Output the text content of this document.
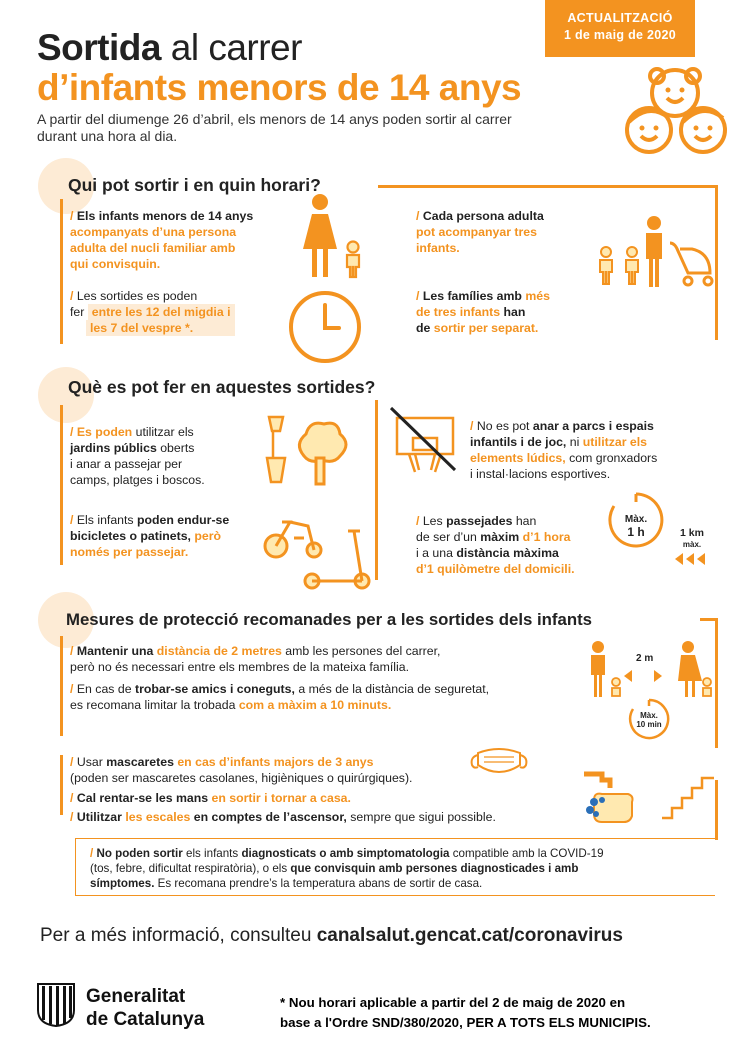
ACTUALITZACIÓ
1 de maig de 2020
Sortida al carrer
d’infants menors de 14 anys
A partir del diumenge 26 d’abril, els menors de 14 anys poden sortir al carrer
durant una hora al dia.
Qui pot sortir i en quin horari?
/ Els infants menors de 14 anys
acompanyats d’una persona
adulta del nucli familiar amb
qui convisquin.
/ Les sortides es poden
fer entre les 12 del migdia i
les 7 del vespre *.
/ Cada persona adulta
pot acompanyar tres
infants.
/ Les famílies amb més
de tres infants han
de sortir per separat.
Què es pot fer en aquestes sortides?
/ Es poden utilitzar els
jardins públics oberts
i anar a passejar per
camps, platges i boscos.
/ Els infants poden endur-se
bicicletes o patinets, però
només per passejar.
/ No es pot anar a parcs i espais
infantils i de joc, ni utilitzar els
elements lúdics, com gronxadors
i instal·lacions esportives.
/ Les passejades han
de ser d’un màxim d’1 hora
i a una distància màxima
d’1 quilòmetre del domicili.
Màx.
1 h	1 km
màx.
Mesures de protecció recomanades per a les sortides dels infants
/ Mantenir una distància de 2 metres amb les persones del carrer,
però no és necessari entre els membres de la mateixa família.
/ En cas de trobar-se amics i coneguts, a més de la distància de seguretat,
es recomana limitar la trobada com a màxim a 10 minuts.
2 m
Màx.
10 min
/ Usar mascaretes en cas d’infants majors de 3 anys
(poden ser mascaretes casolanes, higièniques o quirúrgiques).
/ Cal rentar-se les mans en sortir i tornar a casa.
/ Utilitzar les escales en comptes de l’ascensor, sempre que sigui possible.
/ No poden sortir els infants diagnosticats o amb simptomatologia compatible amb la COVID-19
(tos, febre, dificultat respiratòria), o els que convisquin amb persones diagnosticades i amb
símptomes. Es recomana prendre’s la temperatura abans de sortir de casa.
Per a més informació, consulteu canalsalut.gencat.cat/coronavirus
Generalitat
de Catalunya
* Nou horari aplicable a partir del 2 de maig de 2020 en
base a l'Ordre SND/380/2020, PER A TOTS ELS MUNICIPIS.
